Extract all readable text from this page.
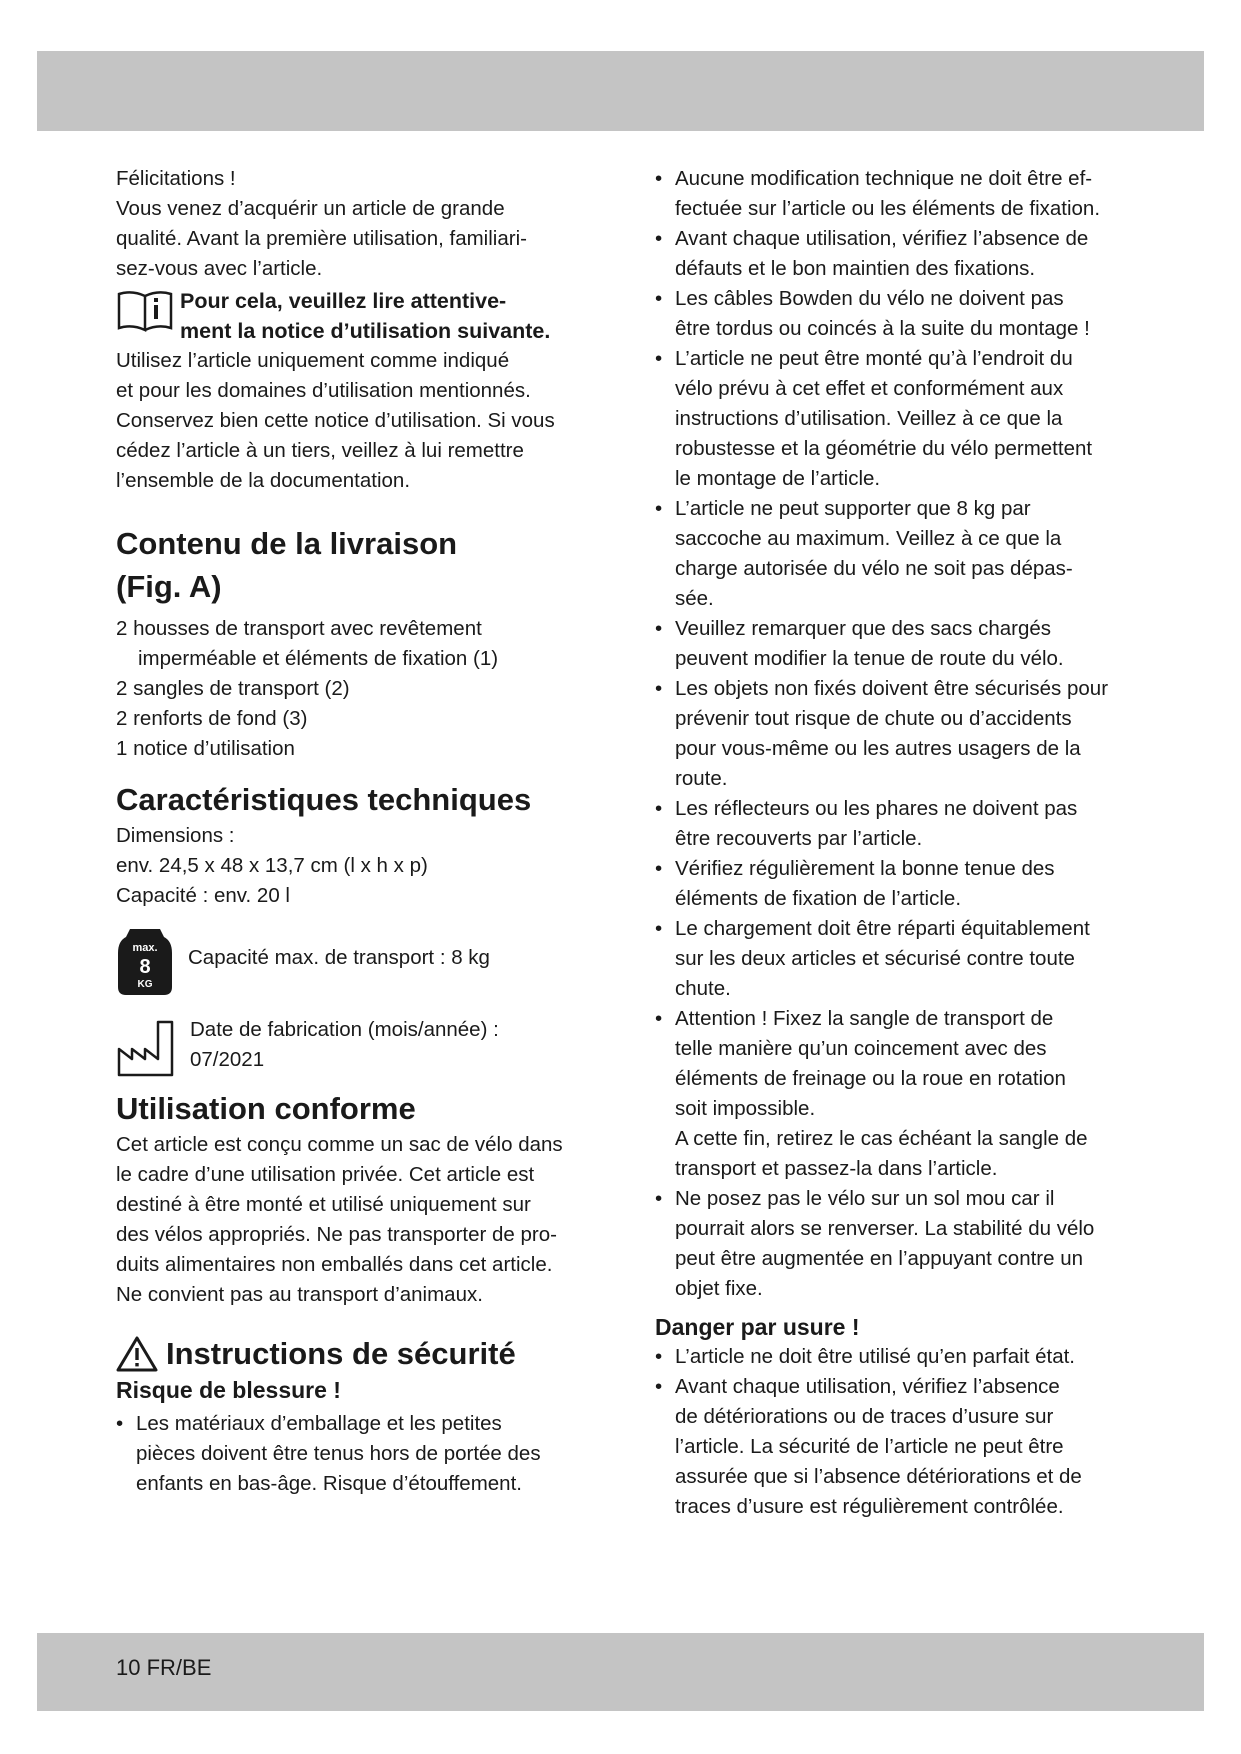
Félicitations !

Vous venez d’acquérir un article de grande

qualité. Avant la première utilisation, familiari-

sez-vous avec l’article.

Pour cela, veuillez lire attentive-
ment la notice d’utilisation suivante.

Utilisez l’article uniquement comme indiqué

et pour les domaines d’utilisation mentionnés.

Conservez bien cette notice d’utilisation. Si vous

cédez l’article à un tiers, veillez à lui remettre

l’ensemble de la documentation.

Contenu de la livraison
(Fig. A)
2 housses de transport avec revêtement
imperméable et éléments de fixation (1)
2 sangles de transport (2)
2 renforts de fond (3)
1 notice d’utilisation
Caractéristiques techniques

Dimensions :

env. 24,5 x 48 x 13,7 cm (l x h x p)

Capacité : env. 20 l

max.
8
KG
Capacité max. de transport : 8 kg
Date de fabrication (mois/année) :
07/2021
Utilisation conforme

Cet article est conçu comme un sac de vélo dans

le cadre d’une utilisation privée. Cet article est

destiné à être monté et utilisé uniquement sur

des vélos appropriés. Ne pas transporter de pro-

duits alimentaires non emballés dans cet article.

Ne convient pas au transport d’animaux.

Instructions de sécurité
Risque de blessure !
• Les matériaux d’emballage et les petites
pièces doivent être tenus hors de portée des
enfants en bas-âge. Risque d’étouffement.
• Aucune modification technique ne doit être ef-
fectuée sur l’article ou les éléments de fixation.
• Avant chaque utilisation, vérifiez l’absence de
défauts et le bon maintien des fixations.
• Les câbles Bowden du vélo ne doivent pas
être tordus ou coincés à la suite du montage !
• L’article ne peut être monté qu’à l’endroit du
vélo prévu à cet effet et conformément aux
instructions d’utilisation. Veillez à ce que la
robustesse et la géométrie du vélo permettent
le montage de l’article.
• L’article ne peut supporter que 8 kg par
saccoche au maximum. Veillez à ce que la
charge autorisée du vélo ne soit pas dépas-
sée.
• Veuillez remarquer que des sacs chargés
peuvent modifier la tenue de route du vélo.
• Les objets non fixés doivent être sécurisés pour
prévenir tout risque de chute ou d’accidents
pour vous-même ou les autres usagers de la
route.
• Les réflecteurs ou les phares ne doivent pas
être recouverts par l’article.
• Vérifiez régulièrement la bonne tenue des
éléments de fixation de l’article.
• Le chargement doit être réparti équitablement
sur les deux articles et sécurisé contre toute
chute.
• Attention ! Fixez la sangle de transport de
telle manière qu’un coincement avec des
éléments de freinage ou la roue en rotation
soit impossible.
A cette fin, retirez le cas échéant la sangle de
transport et passez-la dans l’article.
• Ne posez pas le vélo sur un sol mou car il
pourrait alors se renverser. La stabilité du vélo
peut être augmentée en l’appuyant contre un
objet fixe.
Danger par usure !
• L’article ne doit être utilisé qu’en parfait état.
• Avant chaque utilisation, vérifiez l’absence
de détériorations ou de traces d’usure sur
l’article. La sécurité de l’article ne peut être
assurée que si l’absence détériorations et de
traces d’usure est régulièrement contrôlée.
10 FR/BE
